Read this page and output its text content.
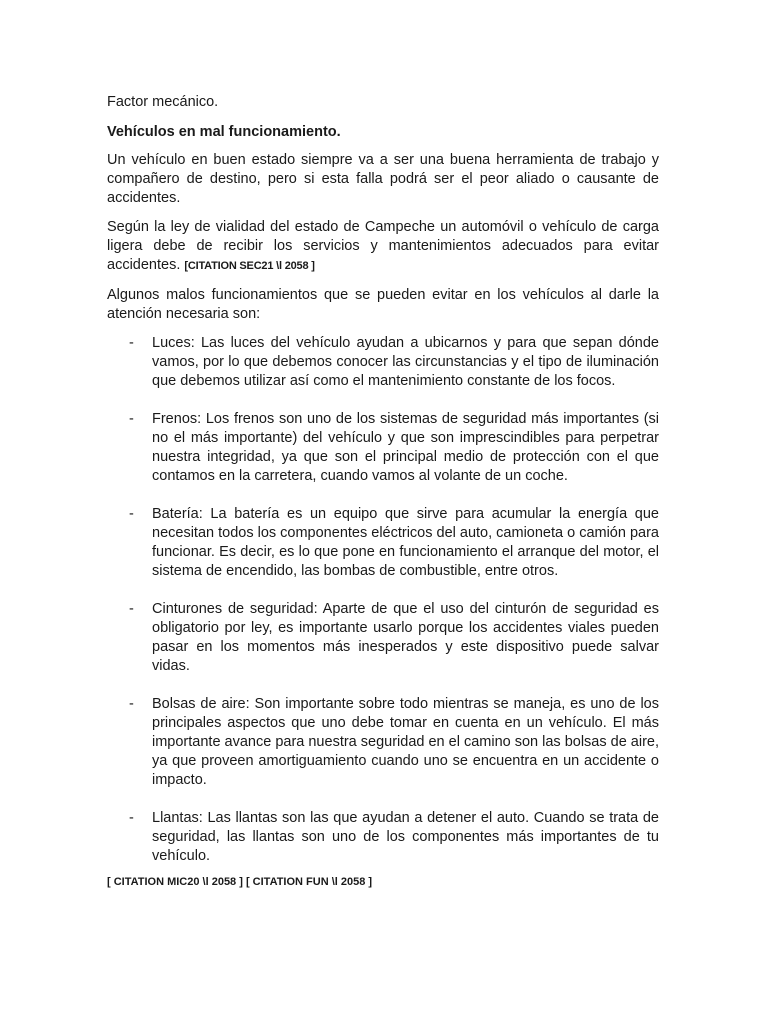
Factor mecánico.
Vehículos en mal funcionamiento.

Un vehículo en buen estado siempre va a ser una buena herramienta de trabajo y compañero de destino, pero si esta falla podrá ser el peor aliado o causante de accidentes.

Según la ley de vialidad del estado de Campeche un automóvil o vehículo de carga ligera debe de recibir los servicios y mantenimientos adecuados para evitar accidentes. [CITATION SEC21 \l 2058 ]

Algunos malos funcionamientos que se pueden evitar en los vehículos al darle la atención necesaria son:

- Luces: Las luces del vehículo ayudan a ubicarnos y para que sepan dónde vamos, por lo que debemos conocer las circunstancias y el tipo de iluminación que debemos utilizar así como el mantenimiento constante de los focos.
- Frenos: Los frenos son uno de los sistemas de seguridad más importantes (si no el más importante) del vehículo y que son imprescindibles para perpetrar nuestra integridad, ya que son el principal medio de protección con el que contamos en la carretera, cuando vamos al volante de un coche.
- Batería: La batería es un equipo que sirve para acumular la energía que necesitan todos los componentes eléctricos del auto, camioneta o camión para funcionar. Es decir, es lo que pone en funcionamiento el arranque del motor, el sistema de encendido, las bombas de combustible, entre otros.
- Cinturones de seguridad: Aparte de que el uso del cinturón de seguridad es obligatorio por ley, es importante usarlo porque los accidentes viales pueden pasar en los momentos más inesperados y este dispositivo puede salvar vidas.
- Bolsas de aire: Son importante sobre todo mientras se maneja, es uno de los principales aspectos que uno debe tomar en cuenta en un vehículo. El más importante avance para nuestra seguridad en el camino son las bolsas de aire, ya que proveen amortiguamiento cuando uno se encuentra en un accidente o impacto.
- Llantas: Las llantas son las que ayudan a detener el auto. Cuando se trata de seguridad, las llantas son uno de los componentes más importantes de tu vehículo.
[ CITATION MIC20 \l 2058 ] [ CITATION FUN \l 2058 ]
